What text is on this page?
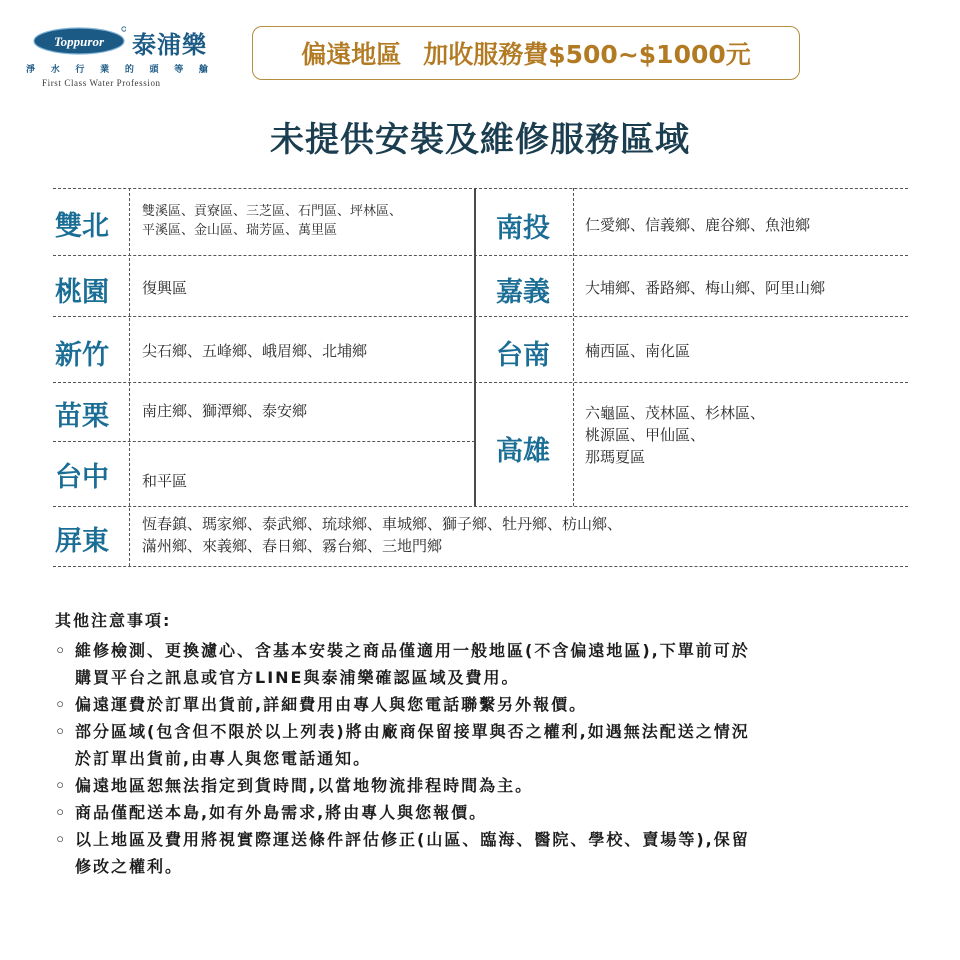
Toppuror 泰浦樂
淨 水 行 業 的 頭 等 艙
First Class Water Profession
偏遠地區 加收服務費$500~$1000元
未提供安裝及維修服務區域
雙北	雙溪區、貢寮區、三芝區、石門區、坪林區、
平溪區、金山區、瑞芳區、萬里區
桃園 復興區
新竹 尖石鄉、五峰鄉、峨眉鄉、北埔鄉
苗栗 南庄鄉、獅潭鄉、泰安鄉
台中 和平區
南投 仁愛鄉、信義鄉、鹿谷鄉、魚池鄉
嘉義 大埔鄉、番路鄉、梅山鄉、阿里山鄉
台南 楠西區、南化區
高雄
六龜區、茂林區、杉林區、
桃源區、甲仙區、
那瑪夏區
屏東
恆春鎮、瑪家鄉、泰武鄉、琉球鄉、車城鄉、獅子鄉、牡丹鄉、枋山鄉、
滿州鄉、來義鄉、春日鄉、霧台鄉、三地門鄉
其他注意事項:
◦ 維修檢測、更換濾心、含基本安裝之商品僅適用一般地區(不含偏遠地區),下單前可於
購買平台之訊息或官方LINE與泰浦樂確認區域及費用。
◦ 偏遠運費於訂單出貨前,詳細費用由專人與您電話聯繫另外報價。
◦ 部分區域(包含但不限於以上列表)將由廠商保留接單與否之權利,如遇無法配送之情況
於訂單出貨前,由專人與您電話通知。
◦ 偏遠地區恕無法指定到貨時間,以當地物流排程時間為主。
◦ 商品僅配送本島,如有外島需求,將由專人與您報價。
◦ 以上地區及費用將視實際運送條件評估修正(山區、臨海、醫院、學校、賣場等),保留
修改之權利。
